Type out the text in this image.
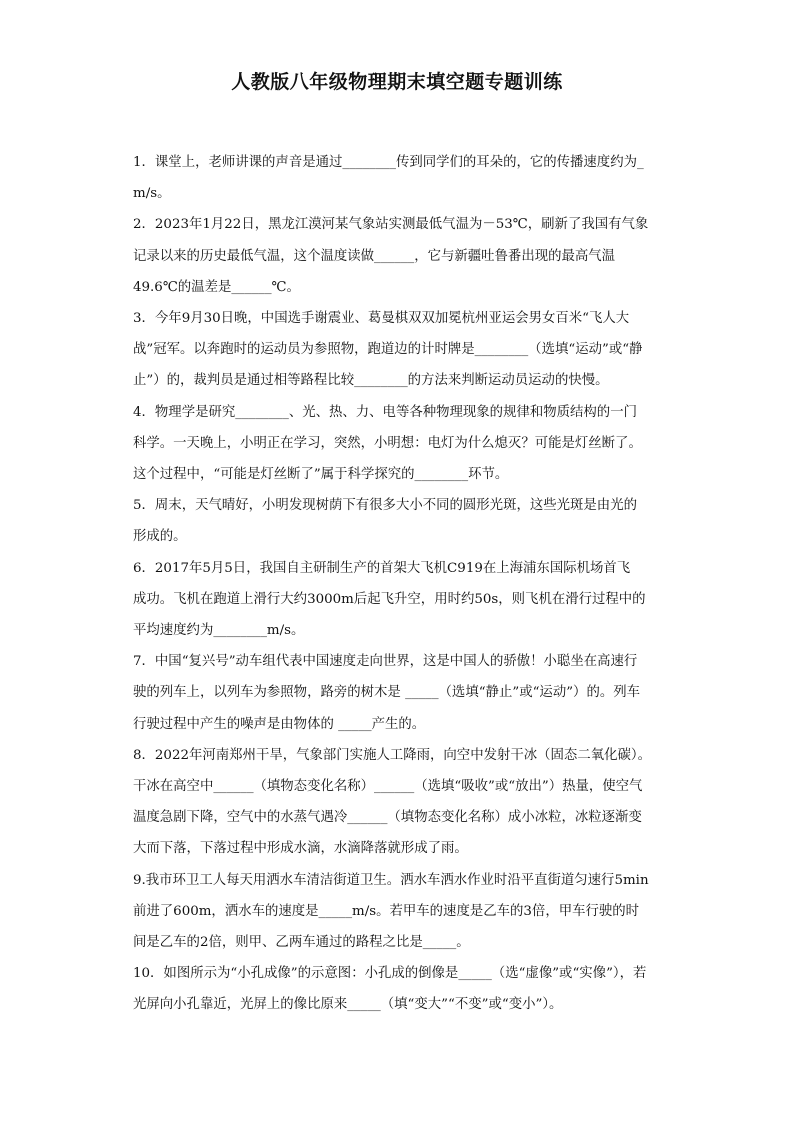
人教版八年级物理期末填空题专题训练
1．课堂上，老师讲课的声音是通过________传到同学们的耳朵的，它的传播速度约为_
m/s。
2．2023年1月22日，黑龙江漠河某气象站实测最低气温为－53℃，刷新了我国有气象
记录以来的历史最低气温，这个温度读做______，它与新疆吐鲁番出现的最高气温
49.6℃的温差是______℃。
3．今年9月30日晚，中国选手谢震业、葛曼棋双双加冕杭州亚运会男女百米“飞人大
战”冠军。以奔跑时的运动员为参照物，跑道边的计时牌是________（选填“运动”或“静
止”）的，裁判员是通过相等路程比较________的方法来判断运动员运动的快慢。
4．物理学是研究________、光、热、力、电等各种物理现象的规律和物质结构的一门
科学。一天晚上，小明正在学习，突然，小明想：电灯为什么熄灭？可能是灯丝断了。
这个过程中，“可能是灯丝断了”属于科学探究的________环节。
5．周末，天气晴好，小明发现树荫下有很多大小不同的圆形光斑，这些光斑是由光的
形成的。
6．2017年5月5日，我国自主研制生产的首架大飞机C919在上海浦东国际机场首飞
成功。飞机在跑道上滑行大约3000m后起飞升空，用时约50s，则飞机在滑行过程中的
平均速度约为________m/s。
7．中国“复兴号”动车组代表中国速度走向世界，这是中国人的骄傲！小聪坐在高速行
驶的列车上，以列车为参照物，路旁的树木是 _____（选填“静止”或“运动”）的。列车
行驶过程中产生的噪声是由物体的 _____产生的。
8．2022年河南郑州干旱，气象部门实施人工降雨，向空中发射干冰（固态二氧化碳）。
干冰在高空中______（填物态变化名称）______（选填“吸收”或“放出”）热量，使空气
温度急剧下降，空气中的水蒸气遇冷______（填物态变化名称）成小冰粒，冰粒逐渐变
大而下落，下落过程中形成水滴，水滴降落就形成了雨。
9.我市环卫工人每天用洒水车清洁街道卫生。洒水车洒水作业时沿平直街道匀速行5min
前进了600m，洒水车的速度是_____m/s。若甲车的速度是乙车的3倍，甲车行驶的时
间是乙车的2倍，则甲、乙两车通过的路程之比是_____。
10．如图所示为“小孔成像”的示意图：小孔成的倒像是_____（选“虚像”或“实像”），若
光屏向小孔靠近，光屏上的像比原来_____（填“变大”“不变”或“变小”）。
